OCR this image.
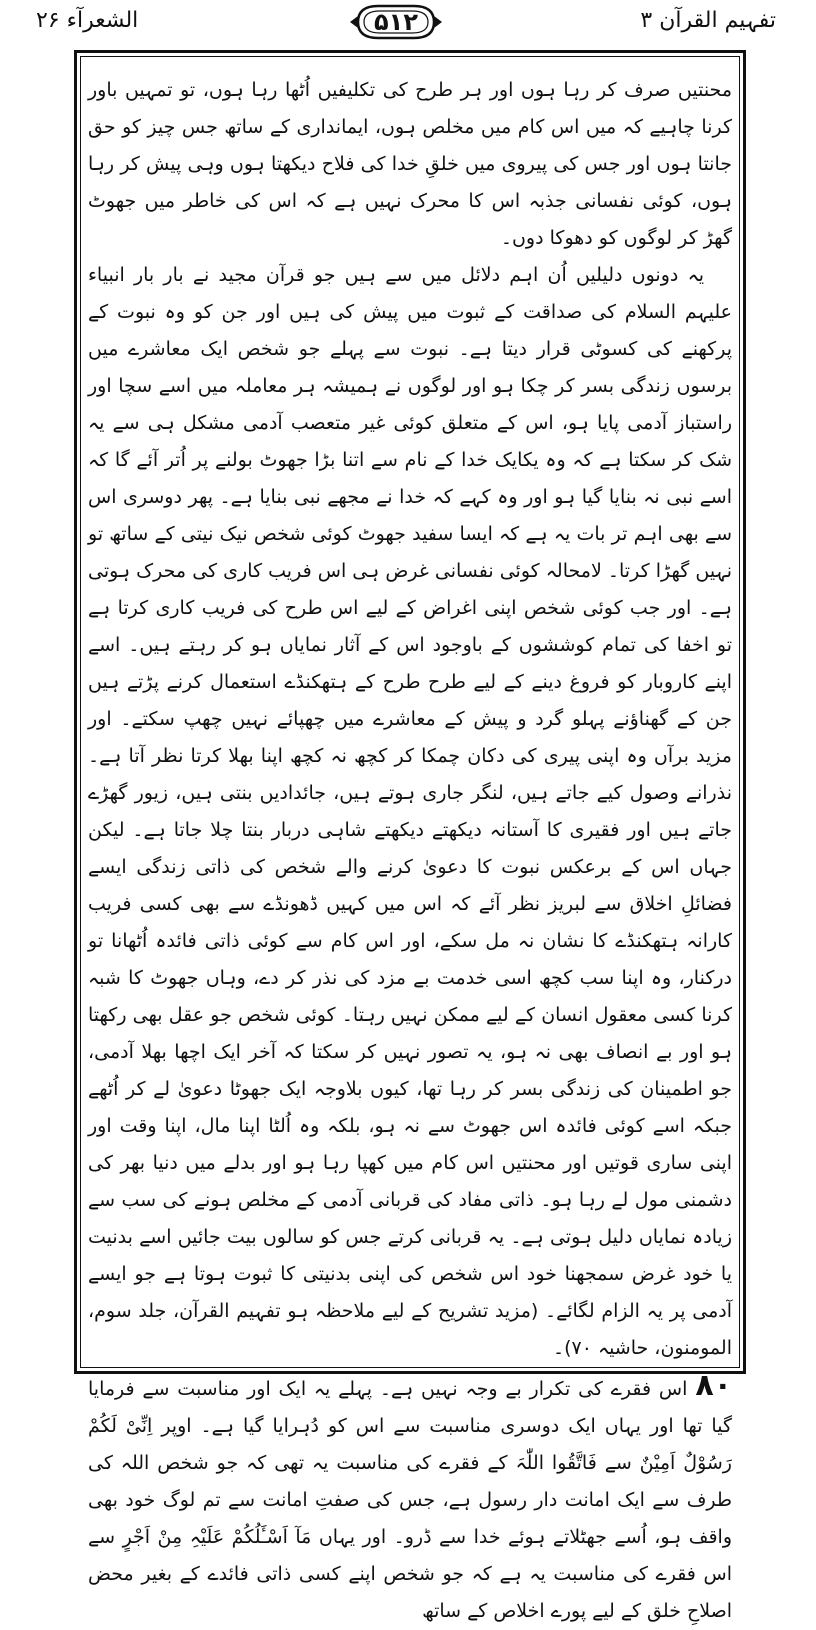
الشعرآء ۲۶	۵۱۲	تفہیم القرآن ۳

محنتیں صرف کر رہا ہوں اور ہر طرح کی تکلیفیں اُٹھا رہا ہوں، تو تمہیں باور کرنا چاہیے کہ میں اس کام میں مخلص ہوں، ایمانداری کے ساتھ جس چیز کو حق جانتا ہوں اور جس کی پیروی میں خلقِ خدا کی فلاح دیکھتا ہوں وہی پیش کر رہا ہوں، کوئی نفسانی جذبہ اس کا محرک نہیں ہے کہ اس کی خاطر میں جھوٹ گھڑ کر لوگوں کو دھوکا دوں۔

یہ دونوں دلیلیں اُن اہم دلائل میں سے ہیں جو قرآن مجید نے بار بار انبیاء علیہم السلام کی صداقت کے ثبوت میں پیش کی ہیں اور جن کو وہ نبوت کے پرکھنے کی کسوٹی قرار دیتا ہے۔ نبوت سے پہلے جو شخص ایک معاشرے میں برسوں زندگی بسر کر چکا ہو اور لوگوں نے ہمیشہ ہر معاملہ میں اسے سچا اور راستباز آدمی پایا ہو، اس کے متعلق کوئی غیر متعصب آدمی مشکل ہی سے یہ شک کر سکتا ہے کہ وہ یکایک خدا کے نام سے اتنا بڑا جھوٹ بولنے پر اُتر آئے گا کہ اسے نبی نہ بنایا گیا ہو اور وہ کہے کہ خدا نے مجھے نبی بنایا ہے۔ پھر دوسری اس سے بھی اہم تر بات یہ ہے کہ ایسا سفید جھوٹ کوئی شخص نیک نیتی کے ساتھ تو نہیں گھڑا کرتا۔ لامحالہ کوئی نفسانی غرض ہی اس فریب کاری کی محرک ہوتی ہے۔ اور جب کوئی شخص اپنی اغراض کے لیے اس طرح کی فریب کاری کرتا ہے تو اخفا کی تمام کوششوں کے باوجود اس کے آثار نمایاں ہو کر رہتے ہیں۔ اسے اپنے کاروبار کو فروغ دینے کے لیے طرح طرح کے ہتھکنڈے استعمال کرنے پڑتے ہیں جن کے گھناؤنے پہلو گرد و پیش کے معاشرے میں چھپائے نہیں چھپ سکتے۔ اور مزید برآں وہ اپنی پیری کی دکان چمکا کر کچھ نہ کچھ اپنا بھلا کرتا نظر آتا ہے۔ نذرانے وصول کیے جاتے ہیں، لنگر جاری ہوتے ہیں، جائدادیں بنتی ہیں، زیور گھڑے جاتے ہیں اور فقیری کا آستانہ دیکھتے دیکھتے شاہی دربار بنتا چلا جاتا ہے۔ لیکن جہاں اس کے برعکس نبوت کا دعویٰ کرنے والے شخص کی ذاتی زندگی ایسے فضائلِ اخلاق سے لبریز نظر آئے کہ اس میں کہیں ڈھونڈے سے بھی کسی فریب کارانہ ہتھکنڈے کا نشان نہ مل سکے، اور اس کام سے کوئی ذاتی فائدہ اُٹھانا تو درکنار، وہ اپنا سب کچھ اسی خدمت بے مزد کی نذر کر دے، وہاں جھوٹ کا شبہ کرنا کسی معقول انسان کے لیے ممکن نہیں رہتا۔ کوئی شخص جو عقل بھی رکھتا ہو اور بے انصاف بھی نہ ہو، یہ تصور نہیں کر سکتا کہ آخر ایک اچھا بھلا آدمی، جو اطمینان کی زندگی بسر کر رہا تھا، کیوں بلاوجہ ایک جھوٹا دعویٰ لے کر اُٹھے جبکہ اسے کوئی فائدہ اس جھوٹ سے نہ ہو، بلکہ وہ اُلٹا اپنا مال، اپنا وقت اور اپنی ساری قوتیں اور محنتیں اس کام میں کھپا رہا ہو اور بدلے میں دنیا بھر کی دشمنی مول لے رہا ہو۔ ذاتی مفاد کی قربانی آدمی کے مخلص ہونے کی سب سے زیادہ نمایاں دلیل ہوتی ہے۔ یہ قربانی کرتے جس کو سالوں بیت جائیں اسے بدنیت یا خود غرض سمجھنا خود اس شخص کی اپنی بدنیتی کا ثبوت ہوتا ہے جو ایسے آدمی پر یہ الزام لگائے۔ (مزید تشریح کے لیے ملاحظہ ہو تفہیم القرآن، جلد سوم، المومنون، حاشیہ ۷۰)۔

۸۰اس فقرے کی تکرار بے وجہ نہیں ہے۔ پہلے یہ ایک اور مناسبت سے فرمایا گیا تھا اور یہاں ایک دوسری مناسبت سے اس کو دُہرایا گیا ہے۔ اوپر اِنِّیْ لَکُمْ رَسُوْلٌ اَمِیْنٌ سے فَاتَّقُوا اللّٰہَ کے فقرے کی مناسبت یہ تھی کہ جو شخص اللہ کی طرف سے ایک امانت دار رسول ہے، جس کی صفتِ امانت سے تم لوگ خود بھی واقف ہو، اُسے جھٹلاتے ہوئے خدا سے ڈرو۔ اور یہاں مَآ اَسْـَٔلُکُمْ عَلَیْہِ مِنْ اَجْرٍ سے اس فقرے کی مناسبت یہ ہے کہ جو شخص اپنے کسی ذاتی فائدے کے بغیر محض اصلاحِ خلق کے لیے پورے اخلاص کے ساتھ
